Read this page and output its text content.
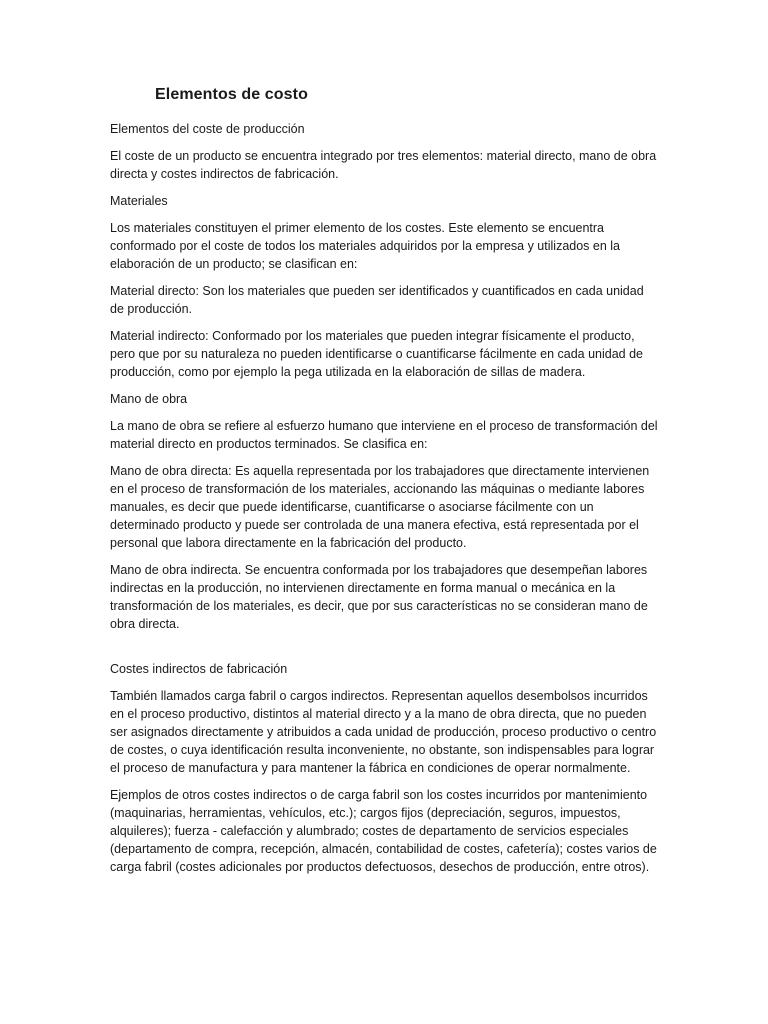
Elementos de costo

Elementos del coste de producción

El coste de un producto se encuentra integrado por tres elementos: material directo, mano de obra directa y costes indirectos de fabricación.

Materiales

Los materiales constituyen el primer elemento de los costes. Este elemento se encuentra conformado por el coste de todos los materiales adquiridos por la empresa y utilizados en la elaboración de un producto; se clasifican en:

Material directo: Son los materiales que pueden ser identificados y cuantificados en cada unidad de producción.

Material indirecto: Conformado por los materiales que pueden integrar físicamente el producto, pero que por su naturaleza no pueden identificarse o cuantificarse fácilmente en cada unidad de producción, como por ejemplo la pega utilizada en la elaboración de sillas de madera.

Mano de obra

La mano de obra se refiere al esfuerzo humano que interviene en el proceso de transformación del material directo en productos terminados. Se clasifica en:

Mano de obra directa: Es aquella representada por los trabajadores que directamente intervienen en el proceso de transformación de los materiales, accionando las máquinas o mediante labores manuales, es decir que puede identificarse, cuantificarse o asociarse fácilmente con un determinado producto y puede ser controlada de una manera efectiva, está representada por el personal que labora directamente en la fabricación del producto.

Mano de obra indirecta. Se encuentra conformada por los trabajadores que desempeñan labores indirectas en la producción, no intervienen directamente en forma manual o mecánica en la transformación de los materiales, es decir, que por sus características no se consideran mano de obra directa.

Costes indirectos de fabricación

También llamados carga fabril o cargos indirectos. Representan aquellos desembolsos incurridos en el proceso productivo, distintos al material directo y a la mano de obra directa, que no pueden ser asignados directamente y atribuidos a cada unidad de producción, proceso productivo o centro de costes, o cuya identificación resulta inconveniente, no obstante, son indispensables para lograr el proceso de manufactura y para mantener la fábrica en condiciones de operar normalmente.

Ejemplos de otros costes indirectos o de carga fabril son los costes incurridos por mantenimiento (maquinarias, herramientas, vehículos, etc.); cargos fijos (depreciación, seguros, impuestos, alquileres); fuerza - calefacción y alumbrado; costes de departamento de servicios especiales (departamento de compra, recepción, almacén, contabilidad de costes, cafetería); costes varios de carga fabril (costes adicionales por productos defectuosos, desechos de producción, entre otros).
